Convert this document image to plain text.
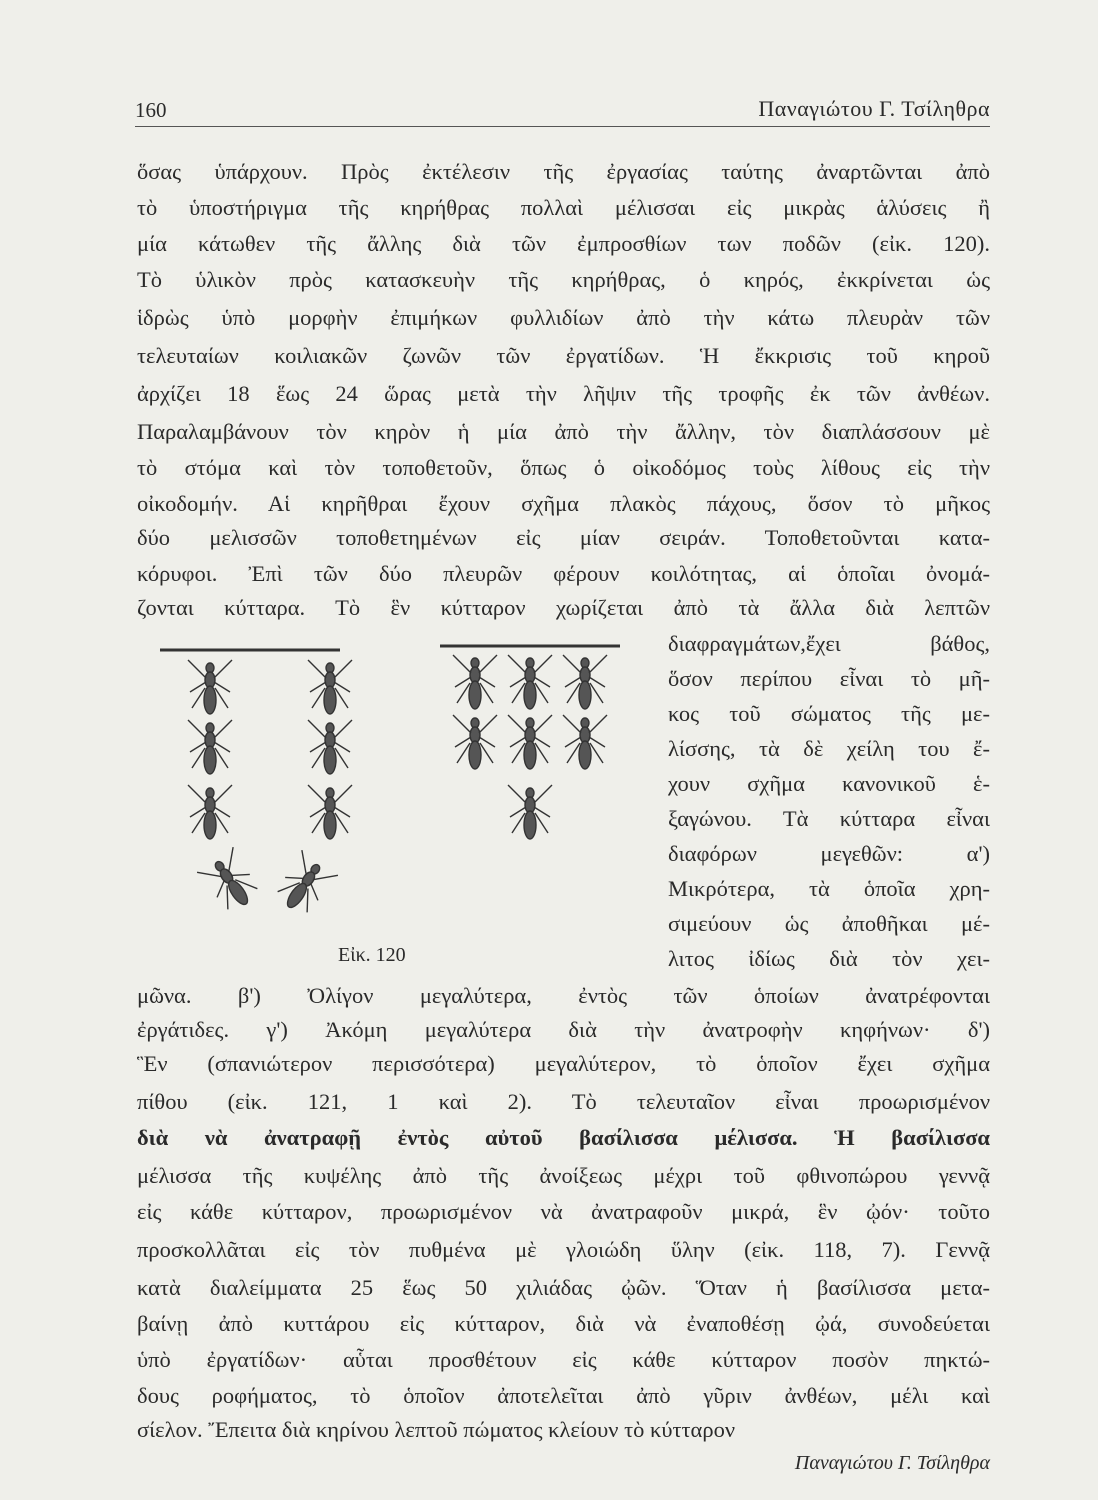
160	Παναγιώτου Γ. Τσίληθρα
ὅσας ὑπάρχουν. Πρὸς ἐκτέλεσιν τῆς ἐργασίας ταύτης ἀναρτῶνται ἀπὸ
τὸ ὑποστήριγμα τῆς κηρήθρας πολλαὶ μέλισσαι εἰς μικρὰς ἁλύσεις ἢ
μία κάτωθεν τῆς ἄλλης διὰ τῶν ἐμπροσθίων των ποδῶν (εἰκ. 120).
Τὸ ὑλικὸν πρὸς κατασκευὴν τῆς κηρήθρας, ὁ κηρός, ἐκκρίνεται ὡς
ἱδρὼς ὑπὸ μορφὴν ἐπιμήκων φυλλιδίων ἀπὸ τὴν κάτω πλευρὰν τῶν
τελευταίων κοιλιακῶν ζωνῶν τῶν ἐργατίδων. Ἡ ἔκκρισις τοῦ κηροῦ
ἀρχίζει 18 ἕως 24 ὥρας μετὰ τὴν λῆψιν τῆς τροφῆς ἐκ τῶν ἀνθέων.
Παραλαμβάνουν τὸν κηρὸν ἡ μία ἀπὸ τὴν ἄλλην, τὸν διαπλάσσουν μὲ
τὸ στόμα καὶ τὸν τοποθετοῦν, ὅπως ὁ οἰκοδόμος τοὺς λίθους εἰς τὴν
οἰκοδομήν. Αἱ κηρῆθραι ἔχουν σχῆμα πλακὸς πάχους, ὅσον τὸ μῆκος
δύο μελισσῶν τοποθετημένων εἰς μίαν σειράν. Τοποθετοῦνται κατα-
κόρυφοι. Ἐπὶ τῶν δύο πλευρῶν φέρουν κοιλότητας, αἱ ὁποῖαι ὀνομά-
ζονται κύτταρα. Τὸ ἓν κύτταρον χωρίζεται ἀπὸ τὰ ἄλλα διὰ λεπτῶν
διαφραγμάτων,ἔχει βάθος,
ὅσον περίπου εἶναι τὸ μῆ-
κος τοῦ σώματος τῆς με-
λίσσης, τὰ δὲ χείλη του ἔ-
χουν σχῆμα κανονικοῦ ἑ-
ξαγώνου. Τὰ κύτταρα εἶναι
διαφόρων μεγεθῶν: α')
Μικρότερα, τὰ ὁποῖα χρη-
σιμεύουν ὡς ἀποθῆκαι μέ-
λιτος ἰδίως διὰ τὸν χει-
Εἰκ. 120
μῶνα. β') Ὀλίγον μεγαλύτερα, ἐντὸς τῶν ὁποίων ἀνατρέφονται
ἐργάτιδες. γ') Ἀκόμη μεγαλύτερα διὰ τὴν ἀνατροφὴν κηφήνων· δ')
Ἓν (σπανιώτερον περισσότερα) μεγαλύτερον, τὸ ὁποῖον ἔχει σχῆμα
πίθου (εἰκ. 121, 1 καὶ 2). Τὸ τελευταῖον εἶναι προωρισμένον
διὰ νὰ ἀνατραφῇ ἐντὸς αὐτοῦ βασίλισσα μέλισσα. Ἡ βασίλισσα
μέλισσα τῆς κυψέλης ἀπὸ τῆς ἀνοίξεως μέχρι τοῦ φθινοπώρου γεννᾷ
εἰς κάθε κύτταρον, προωρισμένον νὰ ἀνατραφοῦν μικρά, ἓν ᾠόν· τοῦτο
προσκολλᾶται εἰς τὸν πυθμένα μὲ γλοιώδη ὕλην (εἰκ. 118, 7). Γεννᾷ
κατὰ διαλείμματα 25 ἕως 50 χιλιάδας ᾠῶν. Ὅταν ἡ βασίλισσα μετα-
βαίνῃ ἀπὸ κυττάρου εἰς κύτταρον, διὰ νὰ ἐναποθέσῃ ᾠά, συνοδεύεται
ὑπὸ ἐργατίδων· αὗται προσθέτουν εἰς κάθε κύτταρον ποσὸν πηκτώ-
δους ροφήματος, τὸ ὁποῖον ἀποτελεῖται ἀπὸ γῦριν ἀνθέων, μέλι καὶ
σίελον. Ἔπειτα διὰ κηρίνου λεπτοῦ πώματος κλείουν τὸ κύτταρον
Παναγιώτου Γ. Τσίληθρα
